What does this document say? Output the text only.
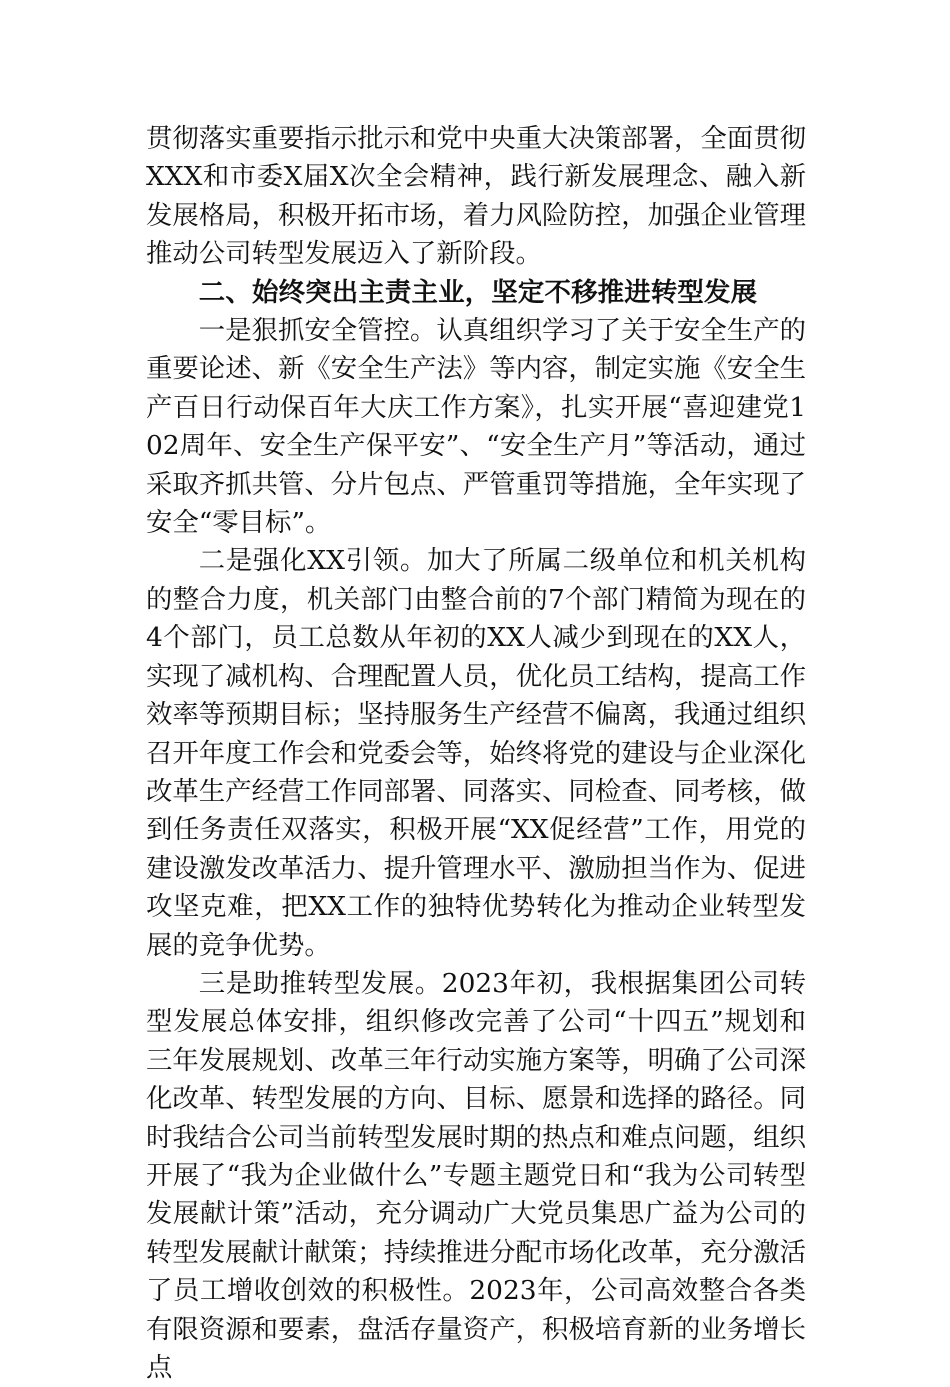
贯彻落实重要指示批示和党中央重大决策部署，全面贯彻XXX和市委X届X次全会精神，践行新发展理念、融入新发展格局，积极开拓市场，着力风险防控，加强企业管理推动公司转型发展迈入了新阶段。

二、始终突出主责主业，坚定不移推进转型发展

一是狠抓安全管控。认真组织学习了关于安全生产的重要论述、新《安全生产法》等内容，制定实施《安全生产百日行动保百年大庆工作方案》，扎实开展“喜迎建党102周年、安全生产保平安”、“安全生产月”等活动，通过采取齐抓共管、分片包点、严管重罚等措施，全年实现了安全“零目标”。

二是强化XX引领。加大了所属二级单位和机关机构的整合力度，机关部门由整合前的7个部门精简为现在的4个部门，员工总数从年初的XX人减少到现在的XX人，实现了减机构、合理配置人员，优化员工结构，提高工作效率等预期目标；坚持服务生产经营不偏离，我通过组织召开年度工作会和党委会等，始终将党的建设与企业深化改革生产经营工作同部署、同落实、同检查、同考核，做到任务责任双落实，积极开展“XX促经营”工作，用党的建设激发改革活力、提升管理水平、激励担当作为、促进攻坚克难，把XX工作的独特优势转化为推动企业转型发展的竞争优势。

三是助推转型发展。2023年初，我根据集团公司转型发展总体安排，组织修改完善了公司“十四五”规划和三年发展规划、改革三年行动实施方案等，明确了公司深化改革、转型发展的方向、目标、愿景和选择的路径。同时我结合公司当前转型发展时期的热点和难点问题，组织开展了“我为企业做什么”专题主题党日和“我为公司转型发展献计策”活动，充分调动广大党员集思广益为公司的转型发展献计献策；持续推进分配市场化改革，充分激活了员工增收创效的积极性。2023年，公司高效整合各类有限资源和要素，盘活存量资产，积极培育新的业务增长点
